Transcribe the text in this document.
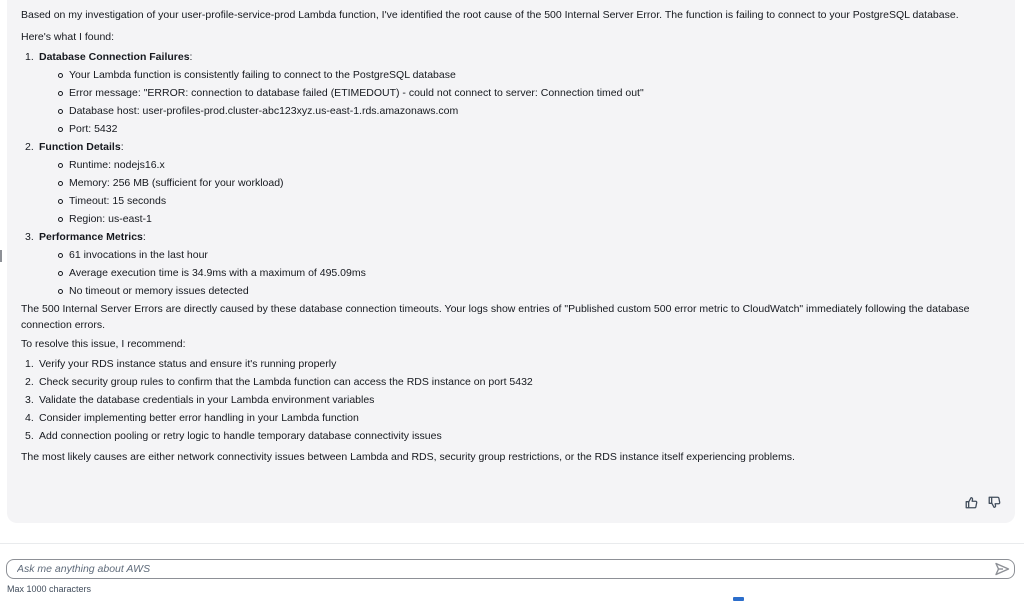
Based on my investigation of your user-profile-service-prod Lambda function, I've identified the root cause of the 500 Internal Server Error. The function is failing to connect to your PostgreSQL database.

Here's what I found:

1. Database Connection Failures:
Your Lambda function is consistently failing to connect to the PostgreSQL database
Error message: "ERROR: connection to database failed (ETIMEDOUT) - could not connect to server: Connection timed out"
Database host: user-profiles-prod.cluster-abc123xyz.us-east-1.rds.amazonaws.com
Port: 5432
2. Function Details:
Runtime: nodejs16.x
Memory: 256 MB (sufficient for your workload)
Timeout: 15 seconds
Region: us-east-1
3. Performance Metrics:
61 invocations in the last hour
Average execution time is 34.9ms with a maximum of 495.09ms
No timeout or memory issues detected

The 500 Internal Server Errors are directly caused by these database connection timeouts. Your logs show entries of "Published custom 500 error metric to CloudWatch" immediately following the database connection errors.

To resolve this issue, I recommend:

1. Verify your RDS instance status and ensure it's running properly
2. Check security group rules to confirm that the Lambda function can access the RDS instance on port 5432
3. Validate the database credentials in your Lambda environment variables
4. Consider implementing better error handling in your Lambda function
5. Add connection pooling or retry logic to handle temporary database connectivity issues

The most likely causes are either network connectivity issues between Lambda and RDS, security group restrictions, or the RDS instance itself experiencing problems.

Ask me anything about AWS
Max 1000 characters
